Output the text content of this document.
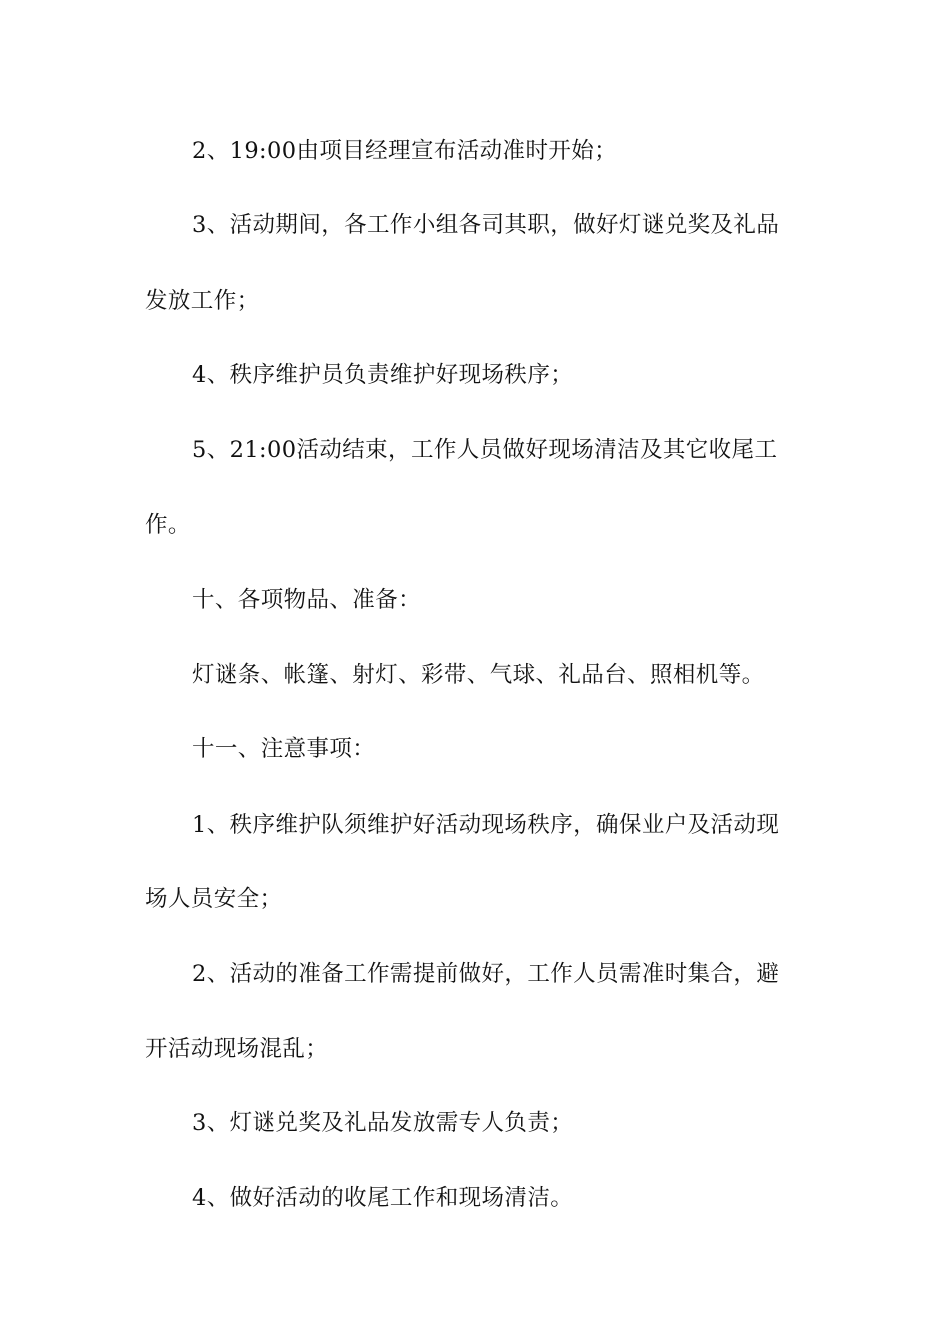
2、19:00由项目经理宣布活动准时开始；
3、活动期间，各工作小组各司其职，做好灯谜兑奖及礼品
发放工作；
4、秩序维护员负责维护好现场秩序；
5、21:00活动结束，工作人员做好现场清洁及其它收尾工
作。
十、各项物品、准备：
灯谜条、帐篷、射灯、彩带、气球、礼品台、照相机等。
十一、注意事项：
1、秩序维护队须维护好活动现场秩序，确保业户及活动现
场人员安全；
2、活动的准备工作需提前做好，工作人员需准时集合，避
开活动现场混乱；
3、灯谜兑奖及礼品发放需专人负责；
4、做好活动的收尾工作和现场清洁。
